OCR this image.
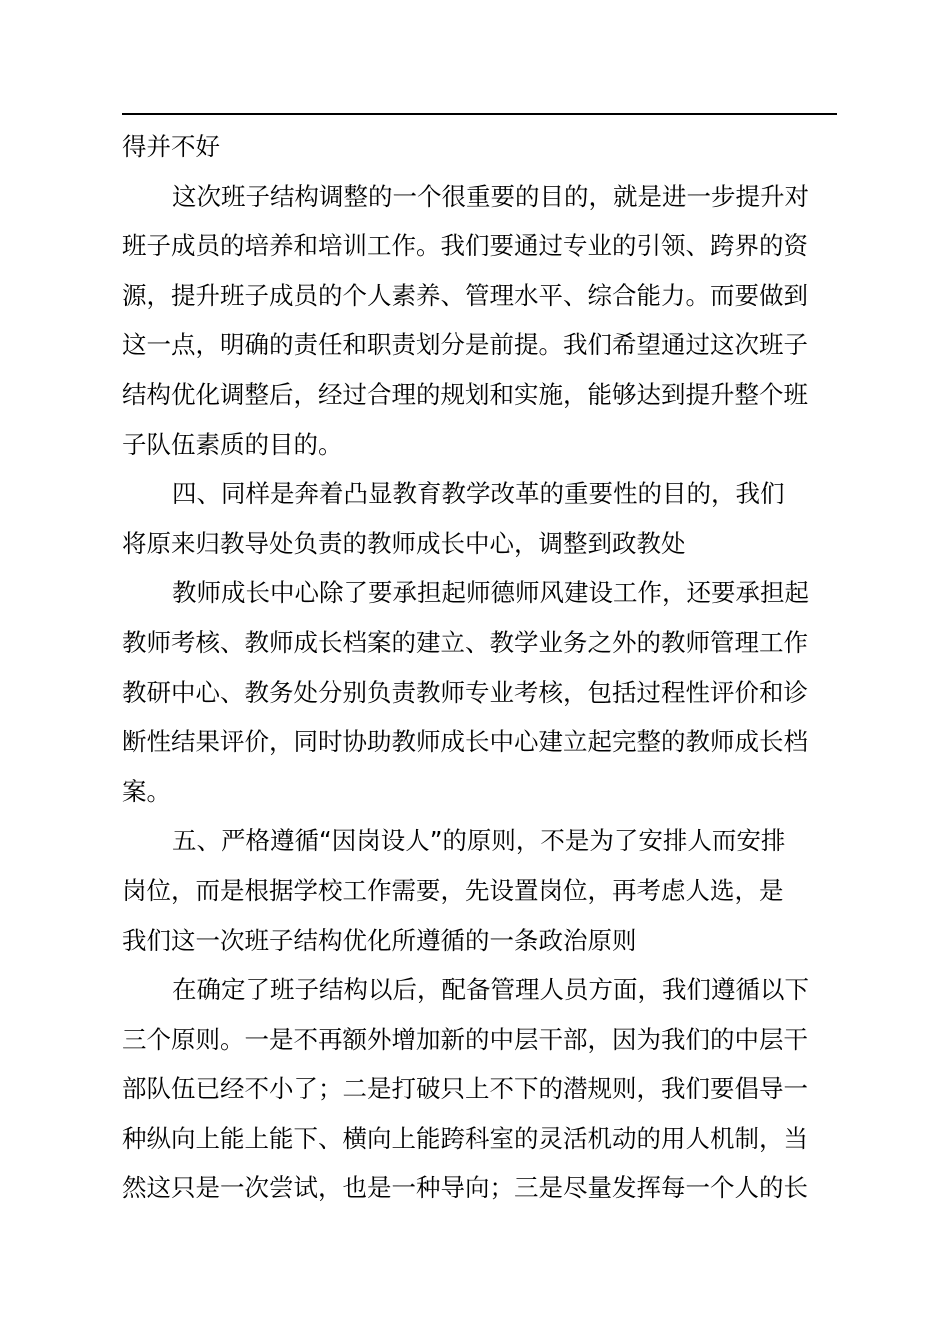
得并不好
这次班子结构调整的一个很重要的目的，就是进一步提升对
班子成员的培养和培训工作。我们要通过专业的引领、跨界的资
源，提升班子成员的个人素养、管理水平、综合能力。而要做到
这一点，明确的责任和职责划分是前提。我们希望通过这次班子
结构优化调整后，经过合理的规划和实施，能够达到提升整个班
子队伍素质的目的。
四、同样是奔着凸显教育教学改革的重要性的目的，我们
将原来归教导处负责的教师成长中心，调整到政教处
教师成长中心除了要承担起师德师风建设工作，还要承担起
教师考核、教师成长档案的建立、教学业务之外的教师管理工作
教研中心、教务处分别负责教师专业考核，包括过程性评价和诊
断性结果评价，同时协助教师成长中心建立起完整的教师成长档
案。
五、严格遵循“因岗设人”的原则，不是为了安排人而安排
岗位，而是根据学校工作需要，先设置岗位，再考虑人选，是
我们这一次班子结构优化所遵循的一条政治原则
在确定了班子结构以后，配备管理人员方面，我们遵循以下
三个原则。一是不再额外增加新的中层干部，因为我们的中层干
部队伍已经不小了；二是打破只上不下的潜规则，我们要倡导一
种纵向上能上能下、横向上能跨科室的灵活机动的用人机制，当
然这只是一次尝试，也是一种导向；三是尽量发挥每一个人的长
